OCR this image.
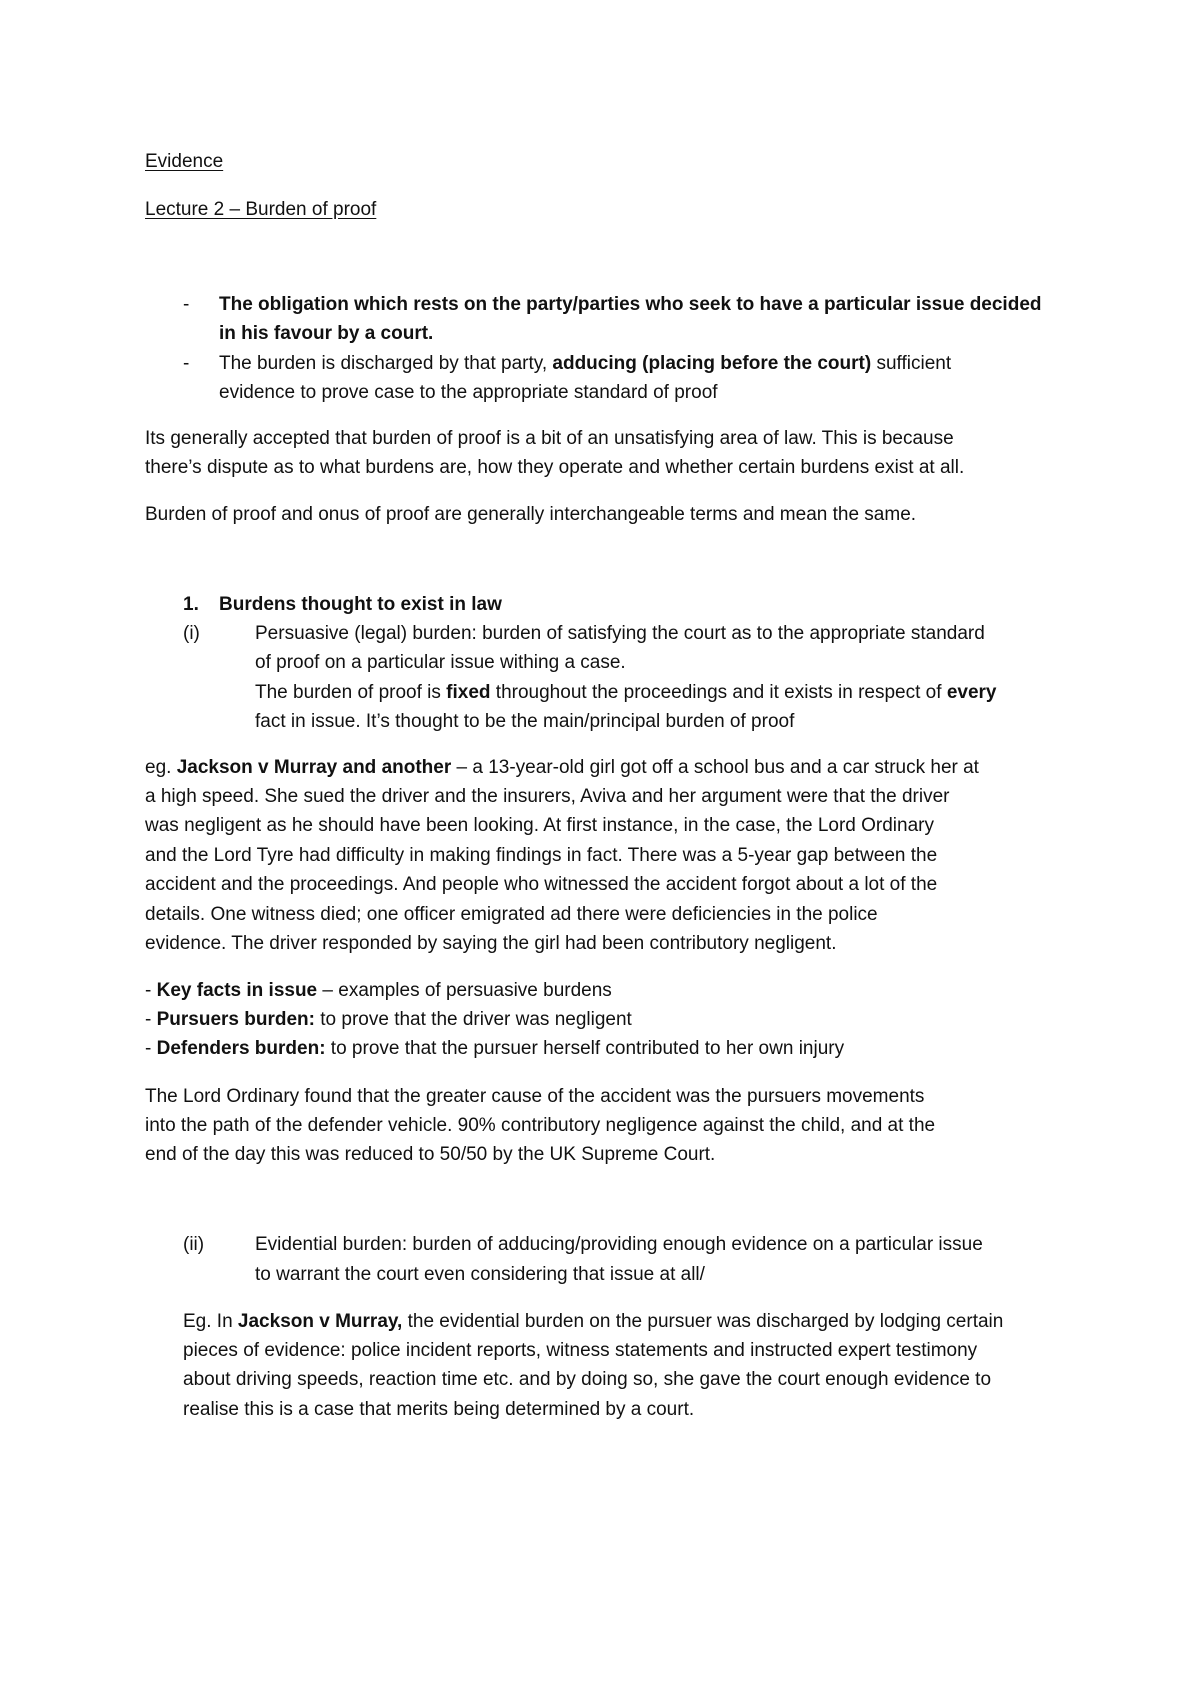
Evidence
Lecture 2 – Burden of proof
- The obligation which rests on the party/parties who seek to have a particular issue decided
in his favour by a court.
- The burden is discharged by that party, adducing (placing before the court) sufficient
evidence to prove case to the appropriate standard of proof
Its generally accepted that burden of proof is a bit of an unsatisfying area of law. This is because
there’s dispute as to what burdens are, how they operate and whether certain burdens exist at all.
Burden of proof and onus of proof are generally interchangeable terms and mean the same.
1. Burdens thought to exist in law
(i)	Persuasive (legal) burden: burden of satisfying the court as to the appropriate standard
of proof on a particular issue withing a case.
The burden of proof is fixed throughout the proceedings and it exists in respect of every
fact in issue. It’s thought to be the main/principal burden of proof
eg. Jackson v Murray and another – a 13-year-old girl got off a school bus and a car struck her at
a high speed. She sued the driver and the insurers, Aviva and her argument were that the driver
was negligent as he should have been looking. At first instance, in the case, the Lord Ordinary
and the Lord Tyre had difficulty in making findings in fact. There was a 5-year gap between the
accident and the proceedings. And people who witnessed the accident forgot about a lot of the
details. One witness died; one officer emigrated ad there were deficiencies in the police
evidence. The driver responded by saying the girl had been contributory negligent.
- Key facts in issue – examples of persuasive burdens
- Pursuers burden: to prove that the driver was negligent
- Defenders burden: to prove that the pursuer herself contributed to her own injury
The Lord Ordinary found that the greater cause of the accident was the pursuers movements
into the path of the defender vehicle. 90% contributory negligence against the child, and at the
end of the day this was reduced to 50/50 by the UK Supreme Court.
(ii)	Evidential burden: burden of adducing/providing enough evidence on a particular issue
to warrant the court even considering that issue at all/
Eg. In Jackson v Murray, the evidential burden on the pursuer was discharged by lodging certain
pieces of evidence: police incident reports, witness statements and instructed expert testimony
about driving speeds, reaction time etc. and by doing so, she gave the court enough evidence to
realise this is a case that merits being determined by a court.
